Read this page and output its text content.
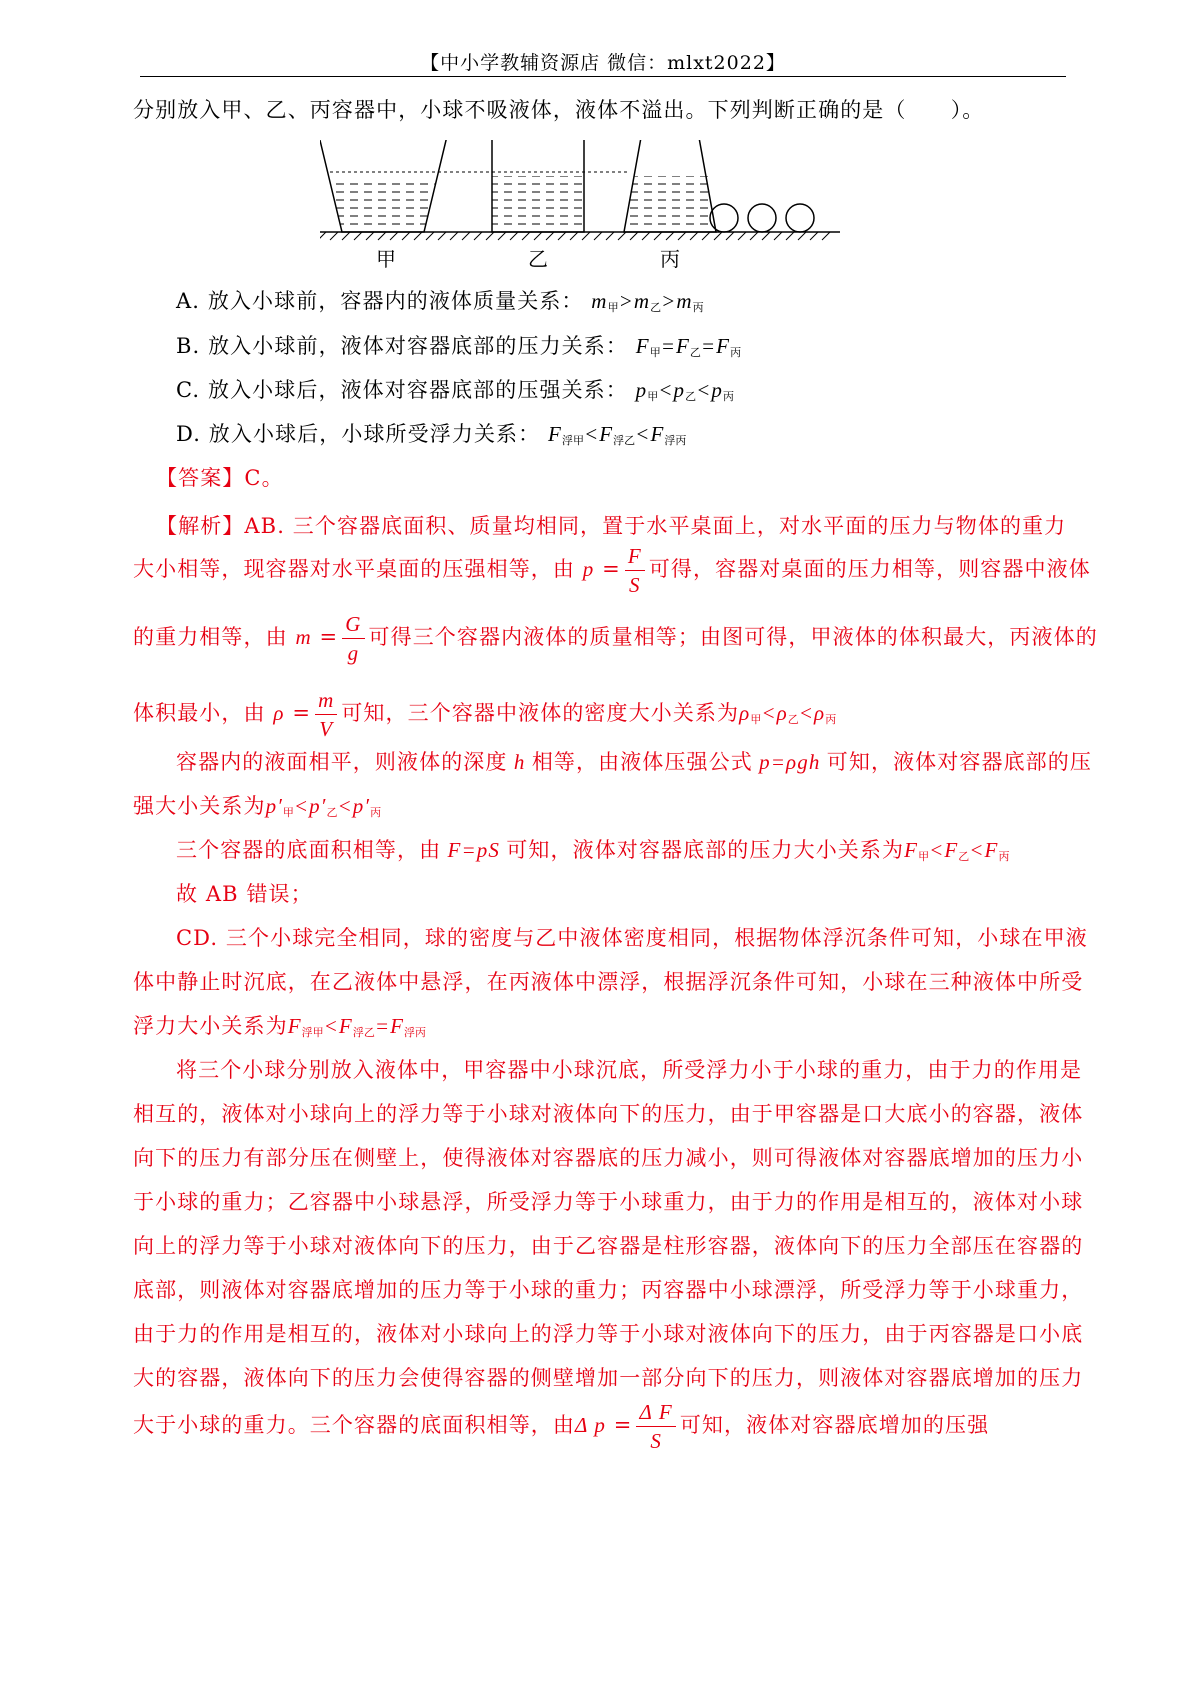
【中小学教辅资源店 微信：mlxt2022】
分别放入甲、乙、丙容器中，小球不吸液体，液体不溢出。下列判断正确的是（　　）。
甲	乙	丙
A. 放入小球前，容器内的液体质量关系： $m_甲>m_乙>m_丙$
B. 放入小球前，液体对容器底部的压力关系： $F_甲=F_乙=F_丙$
C. 放入小球后，液体对容器底部的压强关系： $p_甲<p_乙<p_丙$
D. 放入小球后，小球所受浮力关系： $F_{浮甲}<F_{浮乙}<F_{浮丙}$
【答案】C。
【解析】AB. 三个容器底面积、质量均相同，置于水平桌面上，对水平面的压力与物体的重力
大小相等，现容器对水平桌面的压强相等，由 $p = \frac{F}{S}$ 可得，容器对桌面的压力相等，则容器中液体
的重力相等，由 $m = \frac{G}{g}$ 可得三个容器内液体的质量相等；由图可得，甲液体的体积最大，丙液体的
体积最小，由 $\rho = \frac{m}{V}$ 可知，三个容器中液体的密度大小关系为$\rho_甲<\rho_乙<\rho_丙$
容器内的液面相平，则液体的深度 h 相等，由液体压强公式 p=ρgh 可知，液体对容器底部的压
强大小关系为$p'_甲<p'_乙<p'_丙$
三个容器的底面积相等，由 F=pS 可知，液体对容器底部的压力大小关系为$F_甲<F_乙<F_丙$
故 AB 错误；
CD. 三个小球完全相同，球的密度与乙中液体密度相同，根据物体浮沉条件可知，小球在甲液
体中静止时沉底，在乙液体中悬浮，在丙液体中漂浮，根据浮沉条件可知，小球在三种液体中所受
浮力大小关系为$F_{浮甲}<F_{浮乙}=F_{浮丙}$
将三个小球分别放入液体中，甲容器中小球沉底，所受浮力小于小球的重力，由于力的作用是
相互的，液体对小球向上的浮力等于小球对液体向下的压力，由于甲容器是口大底小的容器，液体
向下的压力有部分压在侧壁上，使得液体对容器底的压力减小，则可得液体对容器底增加的压力小
于小球的重力；乙容器中小球悬浮，所受浮力等于小球重力，由于力的作用是相互的，液体对小球
向上的浮力等于小球对液体向下的压力，由于乙容器是柱形容器，液体向下的压力全部压在容器的
底部，则液体对容器底增加的压力等于小球的重力；丙容器中小球漂浮，所受浮力等于小球重力，
由于力的作用是相互的，液体对小球向上的浮力等于小球对液体向下的压力，由于丙容器是口小底
大的容器，液体向下的压力会使得容器的侧壁增加一部分向下的压力，则液体对容器底增加的压力
大于小球的重力。三个容器的底面积相等，由Δ $p = \frac{\text{Δ F}}{S}$ 可知，液体对容器底增加的压强
